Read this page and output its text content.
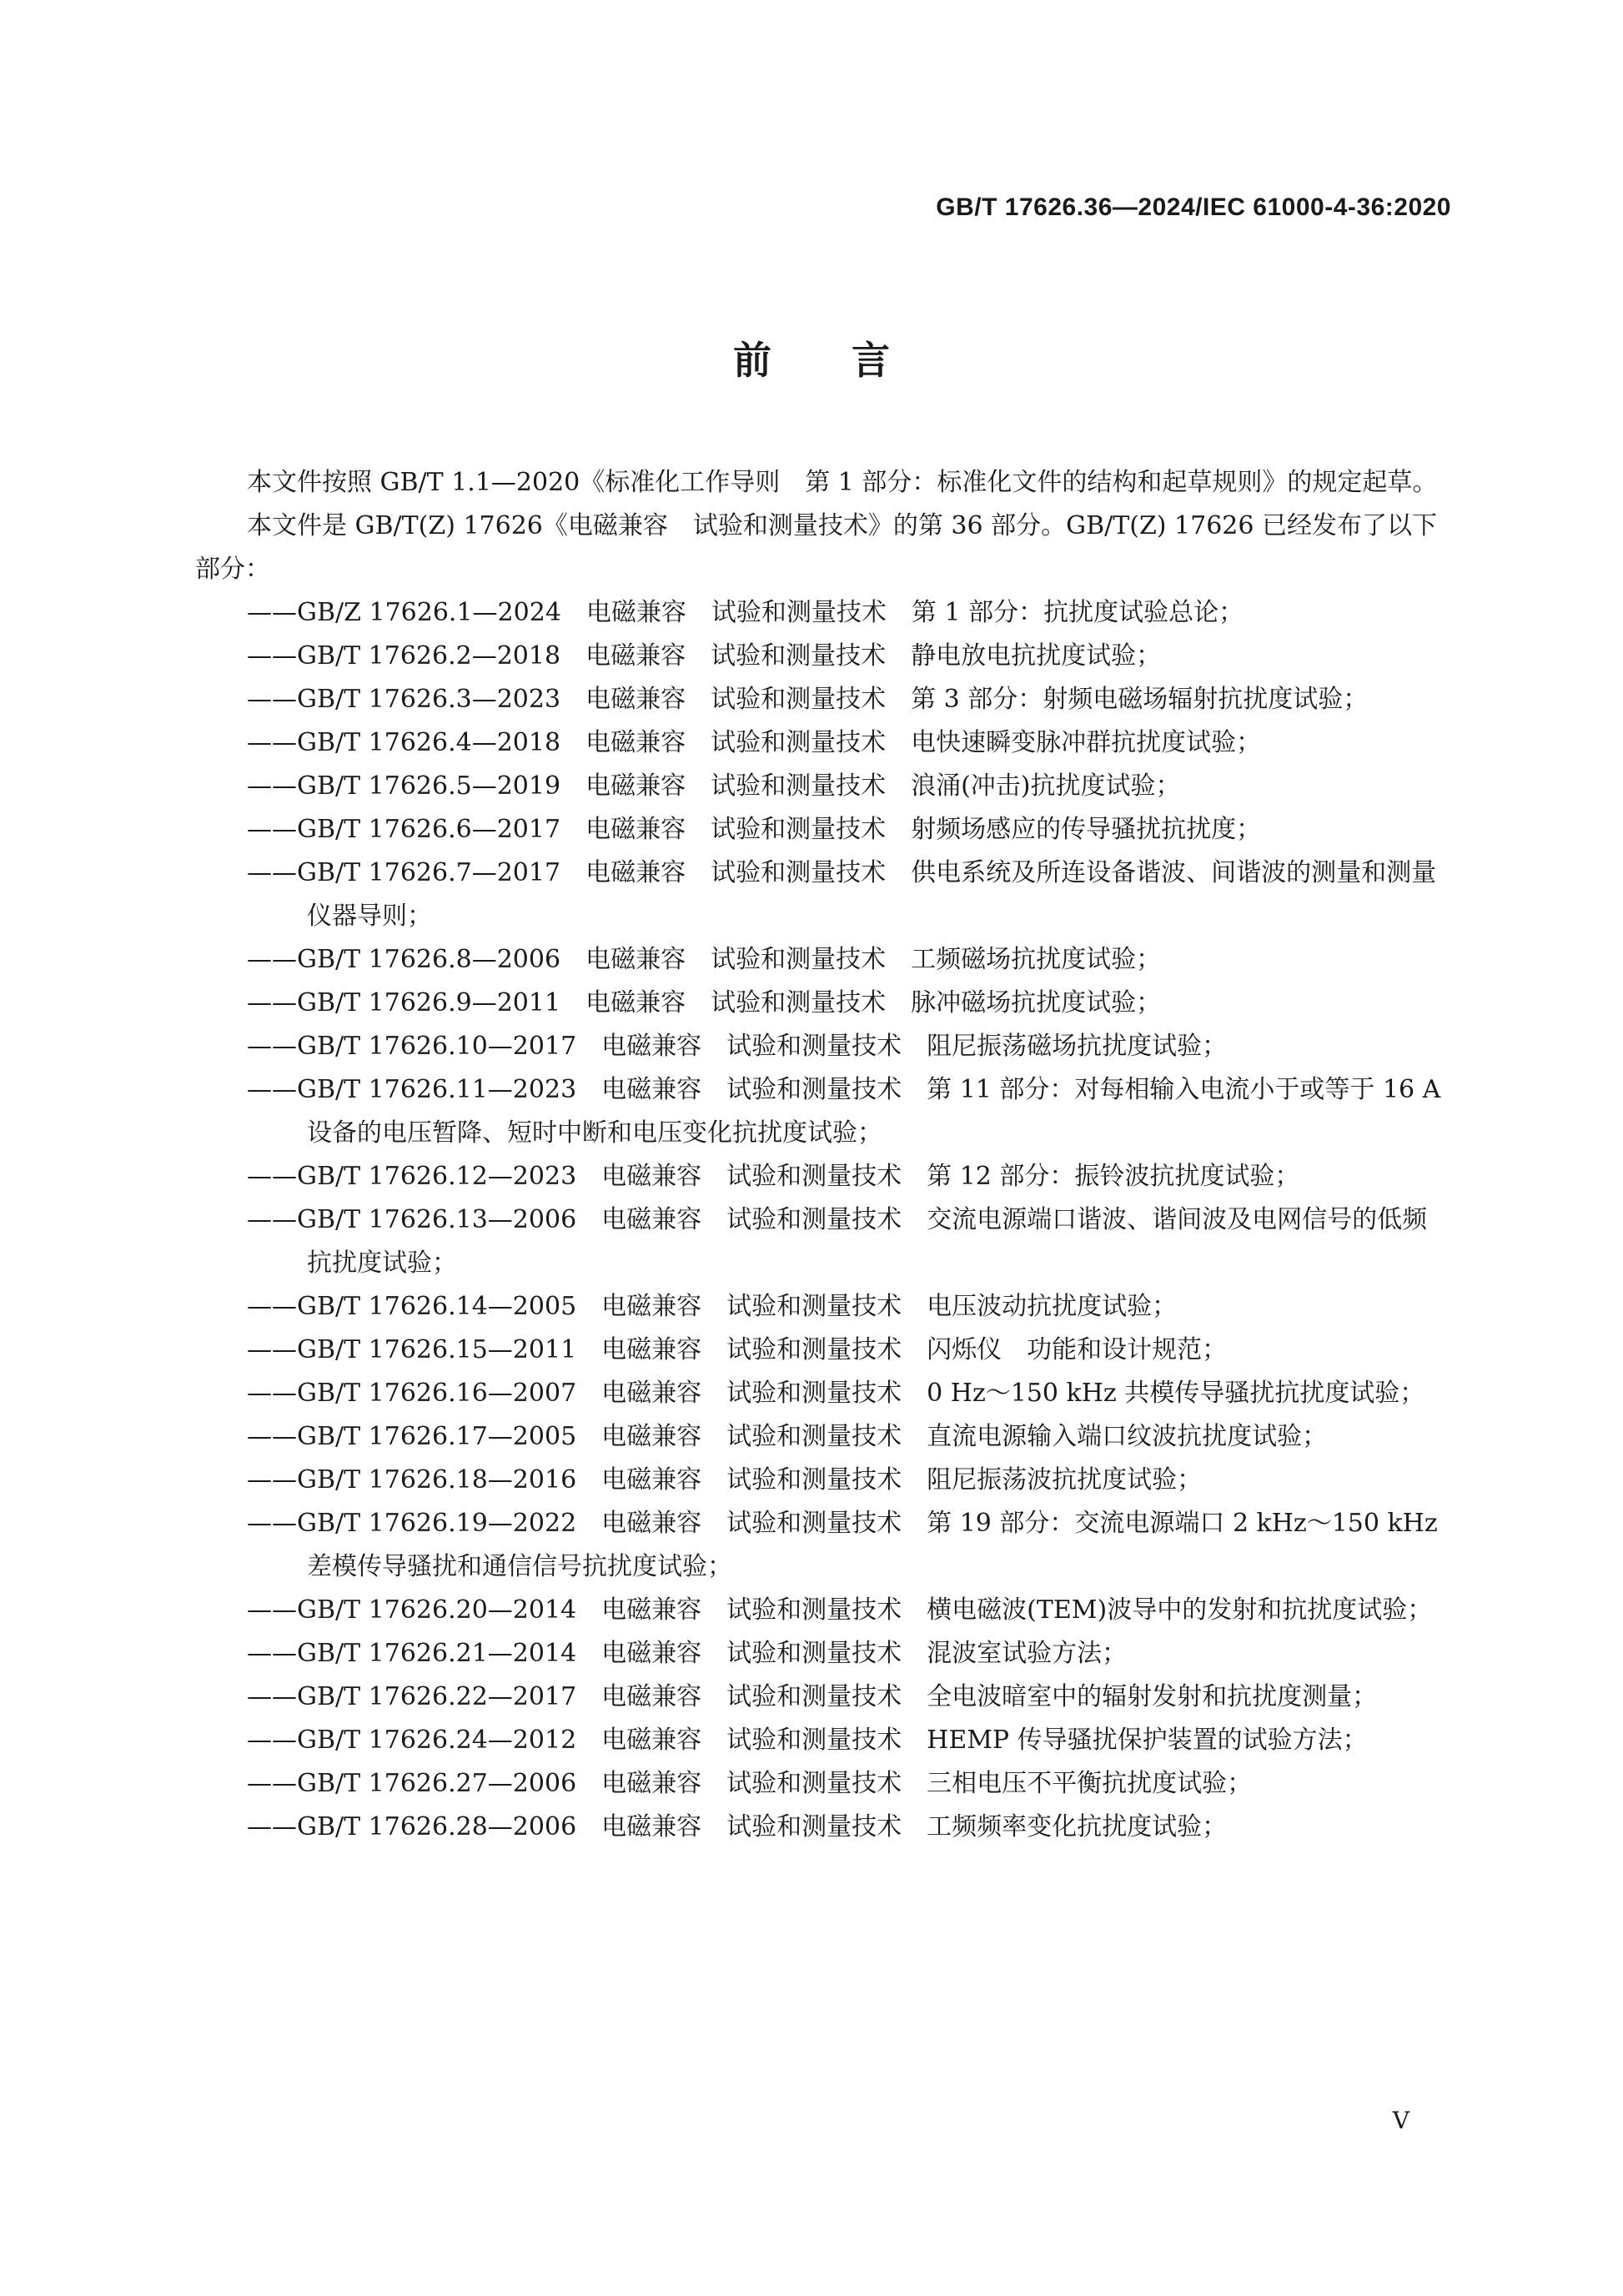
GB/T 17626.36—2024/IEC 61000-4-36:2020
前言

本文件按照 GB/T 1.1—2020《标准化工作导则　第 1 部分：标准化文件的结构和起草规则》的规定起草。

本文件是 GB/T(Z) 17626《电磁兼容　试验和测量技术》的第 36 部分。GB/T(Z) 17626 已经发布了以下部分：

——GB/Z 17626.1—2024　电磁兼容　试验和测量技术　第 1 部分：抗扰度试验总论；

——GB/T 17626.2—2018　电磁兼容　试验和测量技术　静电放电抗扰度试验；

——GB/T 17626.3—2023　电磁兼容　试验和测量技术　第 3 部分：射频电磁场辐射抗扰度试验；

——GB/T 17626.4—2018　电磁兼容　试验和测量技术　电快速瞬变脉冲群抗扰度试验；

——GB/T 17626.5—2019　电磁兼容　试验和测量技术　浪涌(冲击)抗扰度试验；

——GB/T 17626.6—2017　电磁兼容　试验和测量技术　射频场感应的传导骚扰抗扰度；

——GB/T 17626.7—2017　电磁兼容　试验和测量技术　供电系统及所连设备谐波、间谐波的测量和测量仪器导则；

——GB/T 17626.8—2006　电磁兼容　试验和测量技术　工频磁场抗扰度试验；

——GB/T 17626.9—2011　电磁兼容　试验和测量技术　脉冲磁场抗扰度试验；

——GB/T 17626.10—2017　电磁兼容　试验和测量技术　阻尼振荡磁场抗扰度试验；

——GB/T 17626.11—2023　电磁兼容　试验和测量技术　第 11 部分：对每相输入电流小于或等于 16 A 设备的电压暂降、短时中断和电压变化抗扰度试验；

——GB/T 17626.12—2023　电磁兼容　试验和测量技术　第 12 部分：振铃波抗扰度试验；

——GB/T 17626.13—2006　电磁兼容　试验和测量技术　交流电源端口谐波、谐间波及电网信号的低频抗扰度试验；

——GB/T 17626.14—2005　电磁兼容　试验和测量技术　电压波动抗扰度试验；

——GB/T 17626.15—2011　电磁兼容　试验和测量技术　闪烁仪　功能和设计规范；

——GB/T 17626.16—2007　电磁兼容　试验和测量技术　0 Hz～150 kHz 共模传导骚扰抗扰度试验；

——GB/T 17626.17—2005　电磁兼容　试验和测量技术　直流电源输入端口纹波抗扰度试验；

——GB/T 17626.18—2016　电磁兼容　试验和测量技术　阻尼振荡波抗扰度试验；

——GB/T 17626.19—2022　电磁兼容　试验和测量技术　第 19 部分：交流电源端口 2 kHz～150 kHz 差模传导骚扰和通信信号抗扰度试验；

——GB/T 17626.20—2014　电磁兼容　试验和测量技术　横电磁波(TEM)波导中的发射和抗扰度试验；

——GB/T 17626.21—2014　电磁兼容　试验和测量技术　混波室试验方法；

——GB/T 17626.22—2017　电磁兼容　试验和测量技术　全电波暗室中的辐射发射和抗扰度测量；

——GB/T 17626.24—2012　电磁兼容　试验和测量技术　HEMP 传导骚扰保护装置的试验方法；

——GB/T 17626.27—2006　电磁兼容　试验和测量技术　三相电压不平衡抗扰度试验；

——GB/T 17626.28—2006　电磁兼容　试验和测量技术　工频频率变化抗扰度试验；

V
